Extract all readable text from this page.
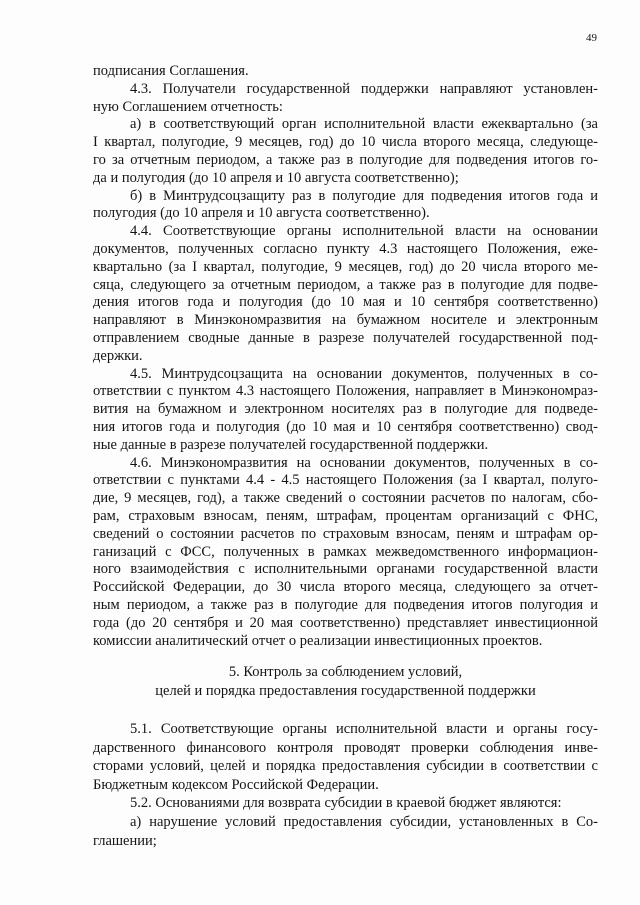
49
подписания Соглашения.
4.3. Получатели государственной поддержки направляют установлен-
ную Соглашением отчетность:
а) в соответствующий орган исполнительной власти ежеквартально (за
I квартал, полугодие, 9 месяцев, год) до 10 числа второго месяца, следующе-
го за отчетным периодом, а также раз в полугодие для подведения итогов го-
да и полугодия (до 10 апреля и 10 августа соответственно);
б) в Минтрудсоцзащиту раз в полугодие для подведения итогов года и
полугодия (до 10 апреля и 10 августа соответственно).
4.4. Соответствующие органы исполнительной власти на основании
документов, полученных согласно пункту 4.3 настоящего Положения, еже-
квартально (за I квартал, полугодие, 9 месяцев, год) до 20 числа второго ме-
сяца, следующего за отчетным периодом, а также раз в полугодие для подве-
дения итогов года и полугодия (до 10 мая и 10 сентября соответственно)
направляют в Минэкономразвития на бумажном носителе и электронным
отправлением сводные данные в разрезе получателей государственной под-
держки.
4.5. Минтрудсоцзащита на основании документов, полученных в со-
ответствии с пунктом 4.3 настоящего Положения, направляет в Минэкономраз-
вития на бумажном и электронном носителях раз в полугодие для подведе-
ния итогов года и полугодия (до 10 мая и 10 сентября соответственно) свод-
ные данные в разрезе получателей государственной поддержки.
4.6. Минэкономразвития на основании документов, полученных в со-
ответствии с пунктами 4.4 - 4.5 настоящего Положения (за I квартал, полуго-
дие, 9 месяцев, год), а также сведений о состоянии расчетов по налогам, сбо-
рам, страховым взносам, пеням, штрафам, процентам организаций с ФНС,
сведений о состоянии расчетов по страховым взносам, пеням и штрафам ор-
ганизаций с ФСС, полученных в рамках межведомственного информацион-
ного взаимодействия с исполнительными органами государственной власти
Российской Федерации, до 30 числа второго месяца, следующего за отчет-
ным периодом, а также раз в полугодие для подведения итогов полугодия и
года (до 20 сентября и 20 мая соответственно) представляет инвестиционной
комиссии аналитический отчет о реализации инвестиционных проектов.
5. Контроль за соблюдением условий,
целей и порядка предоставления государственной поддержки
5.1. Соответствующие органы исполнительной власти и органы госу-
дарственного финансового контроля проводят проверки соблюдения инве-
сторами условий, целей и порядка предоставления субсидии в соответствии с
Бюджетным кодексом Российской Федерации.
5.2. Основаниями для возврата субсидии в краевой бюджет являются:
а) нарушение условий предоставления субсидии, установленных в Со-
глашении;
